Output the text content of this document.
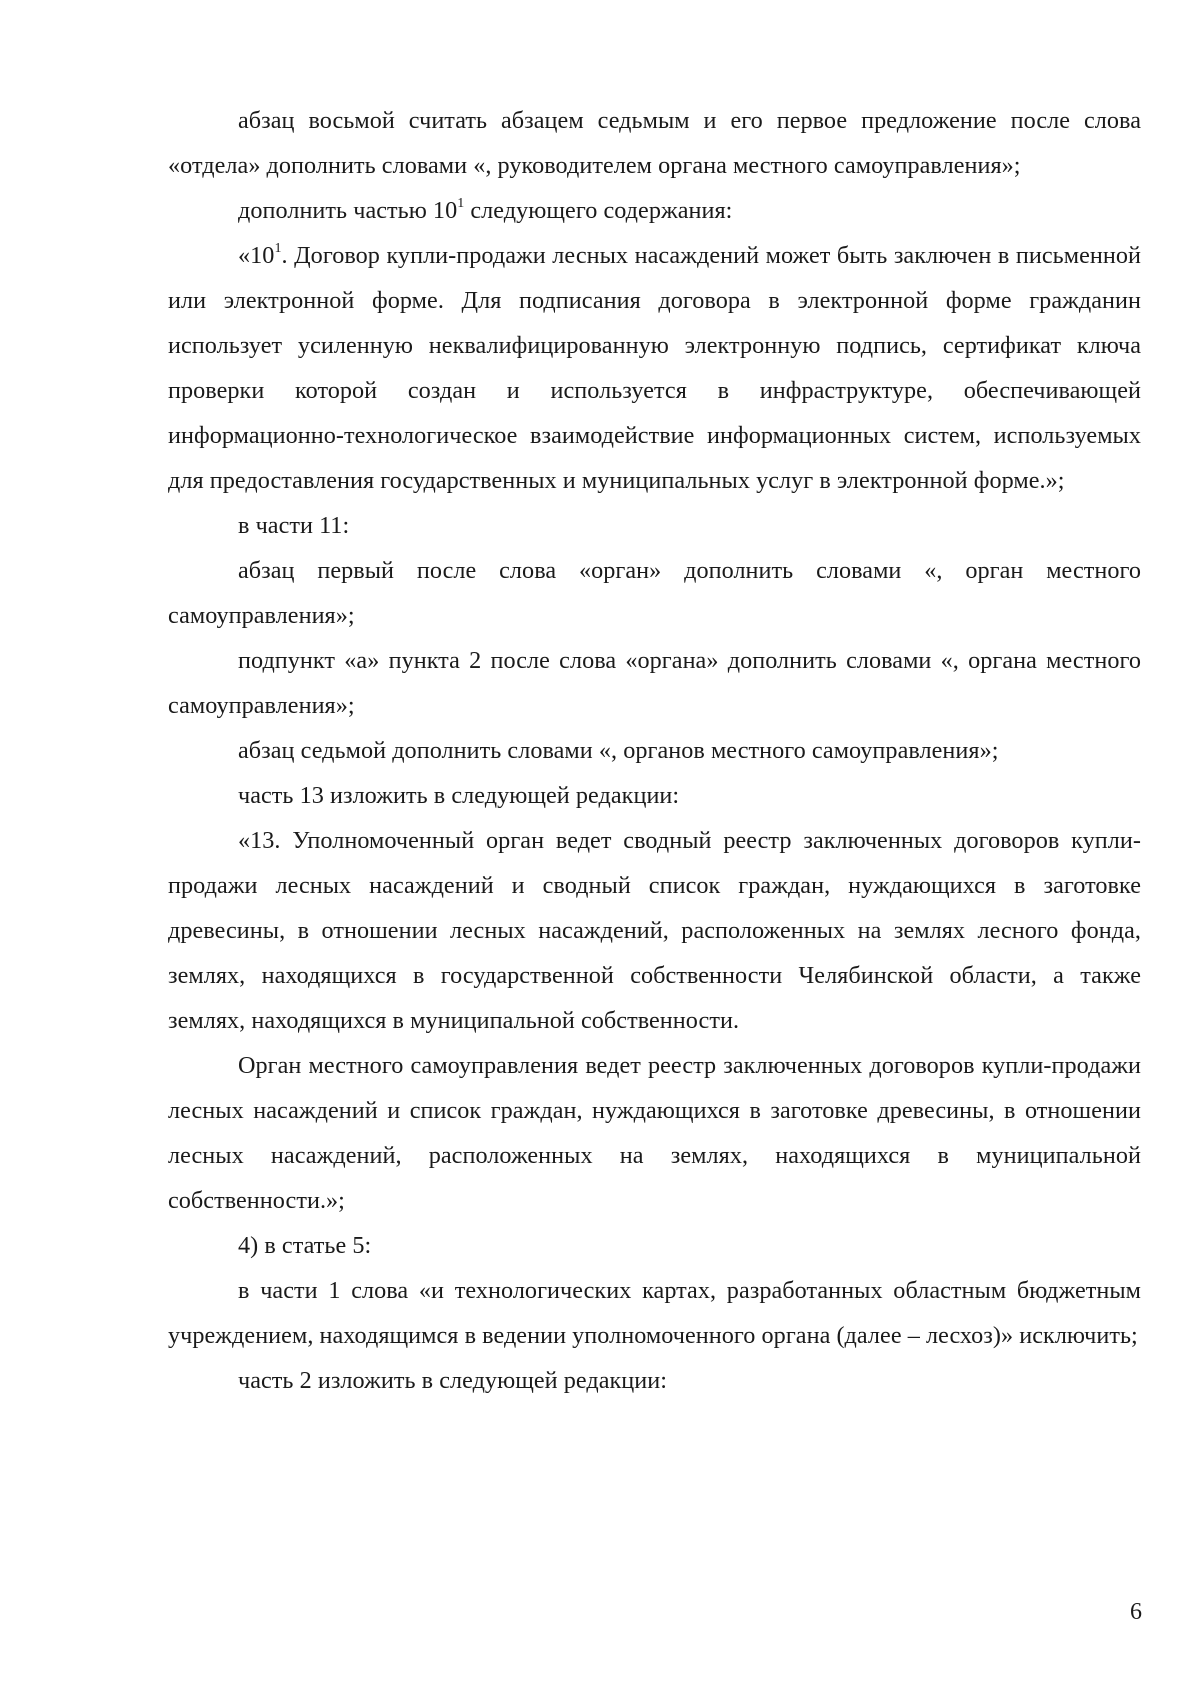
абзац восьмой считать абзацем седьмым и его первое предложение после слова «отдела» дополнить словами «, руководителем органа местного самоуправления»;

дополнить частью $10^1$ следующего содержания:

«$10^1$. Договор купли-продажи лесных насаждений может быть заключен в письменной или электронной форме. Для подписания договора в электронной форме гражданин использует усиленную неквалифицированную электронную подпись, сертификат ключа проверки которой создан и используется в инфраструктуре, обеспечивающей информационно-технологическое взаимодействие информационных систем, используемых для предоставления государственных и муниципальных услуг в электронной форме.»;

в части 11:

абзац первый после слова «орган» дополнить словами «, орган местного самоуправления»;

подпункт «а» пункта 2 после слова «органа» дополнить словами «, органа местного самоуправления»;

абзац седьмой дополнить словами «, органов местного самоуправления»;

часть 13 изложить в следующей редакции:

«13. Уполномоченный орган ведет сводный реестр заключенных договоров купли-продажи лесных насаждений и сводный список граждан, нуждающихся в заготовке древесины, в отношении лесных насаждений, расположенных на землях лесного фонда, землях, находящихся в государственной собственности Челябинской области, а также землях, находящихся в муниципальной собственности.

Орган местного самоуправления ведет реестр заключенных договоров купли-продажи лесных насаждений и список граждан, нуждающихся в заготовке древесины, в отношении лесных насаждений, расположенных на землях, находящихся в муниципальной собственности.»;

4) в статье 5:

в части 1 слова «и технологических картах, разработанных областным бюджетным учреждением, находящимся в ведении уполномоченного органа (далее – лесхоз)» исключить;

часть 2 изложить в следующей редакции:

6
